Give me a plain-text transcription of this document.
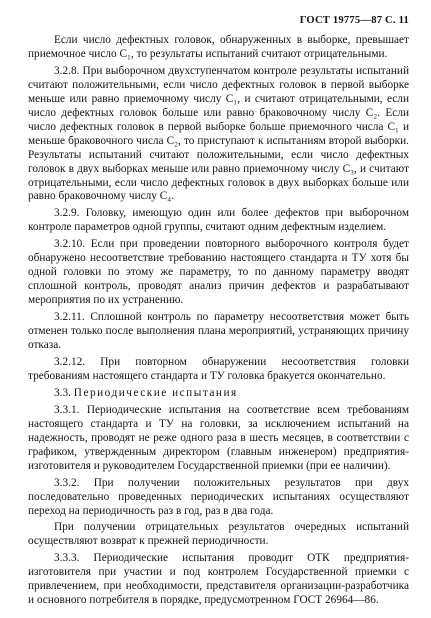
ГОСТ 19775—87 С. 11

Если число дефектных головок, обнаруженных в выборке, превышает приемочное число C₁, то результаты испытаний считают отрицательными.

3.2.8. При выборочном двухступенчатом контроле результаты испытаний считают положительными, если число дефектных головок в первой выборке меньше или равно приемочному числу C₁, и считают отрицательными, если число дефектных головок больше или равно браковочному числу C₂. Если число дефектных головок в первой выборке больше приемочного числа C₁ и меньше браковочного числа C₂, то приступают к испытаниям второй выборки. Результаты испытаний считают положительными, если число дефектных головок в двух выборках меньше или равно приемочному числу C₃, и считают отрицательными, если число дефектных головок в двух выборках больше или равно браковочному числу C₄.

3.2.9. Головку, имеющую один или более дефектов при выборочном контроле параметров одной группы, считают одним дефектным изделием.

3.2.10. Если при проведении повторного выборочного контроля будет обнаружено несоответствие требованию настоящего стандарта и ТУ хотя бы одной головки по этому же параметру, то по данному параметру вводят сплошной контроль, проводят анализ причин дефектов и разрабатывают мероприятия по их устранению.

3.2.11. Сплошной контроль по параметру несоответствия может быть отменен только после выполнения плана мероприятий, устраняющих причину отказа.

3.2.12. При повторном обнаружении несоответствия головки требованиям настоящего стандарта и ТУ головка бракуется окончательно.

3.3. Периодические испытания

3.3.1. Периодические испытания на соответствие всем требованиям настоящего стандарта и ТУ на головки, за исключением испытаний на надежность, проводят не реже одного раза в шесть месяцев, в соответствии с графиком, утвержденным директором (главным инженером) предприятия-изготовителя и руководителем Государственной приемки (при ее наличии).

3.3.2. При получении положительных результатов при двух последовательно проведенных периодических испытаниях осуществляют переход на периодичность раз в год, раз в два года.

При получении отрицательных результатов очередных испытаний осуществляют возврат к прежней периодичности.

3.3.3. Периодические испытания проводит ОТК предприятия-изготовителя при участии и под контролем Государственной приемки с привлечением, при необходимости, представителя организации-разработчика и основного потребителя в порядке, предусмотренном ГОСТ 26964—86.
